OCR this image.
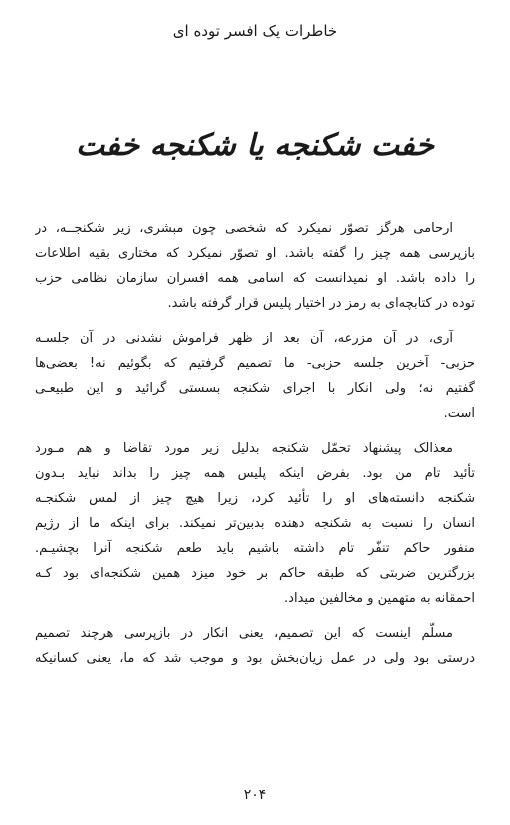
خاطرات یک افسر توده ای
خفت شکنجه یا شکنجه خفت
ارحامی هرگز تصوّر نمیکرد که شخصی چون مبشری، زیر شکنجــه، در
بازپرسی همه چیز را گفته باشد. او تصوّر نمیکرد که مختاری بقیه اطلاعات
را داده باشد. او نمیدانست که اسامی همه افسران سازمان نظامی حزب
توده در کتابچه‌ای به رمز در اختیار پلیس قرار گرفته باشد.
آری، در آن مزرعه، آن بعد از ظهر فراموش نشدنی در آن جلسـه
حزبی- آخرین جلسه حزبی- ما تصمیم گرفتیم که بگوئیم نه! بعضی‌ها
گفتیم نه؛ ولی انکار با اجرای شکنجه بسستی گرائید و این طبیعـی
است.
معذالک پیشنهاد تحمّل شکنجه بدلیل زیر مورد تقاضا و هم مـورد
تأئید تام من بود. بفرض اینکه پلیس همه چیز را بداند نباید بـدون
شکنجه دانسته‌های او را تأئید کرد، زیرا هیچ چیز از لمس شکنجـه
انسان را نسبت به شکنجه دهنده بدبین‌تر نمیکند. برای اینکه ما از رژیم
منفور حاکم تنفّر تام داشته باشیم باید طعم شکنجه آنرا بچشیـم.
بزرگترین ضربتی که طبقه حاکم بر خود میزد همین شکنجه‌ای بود کـه
احمقانه به متهمین و مخالفین میداد.
مسلّم اینست که این تصمیم، یعنی انکار در بازپرسی هرچند تصمیم
درستی بود ولی در عمل زیان‌بخش بود و موجب شد که ما، یعنی کسانیکه
۲۰۴
